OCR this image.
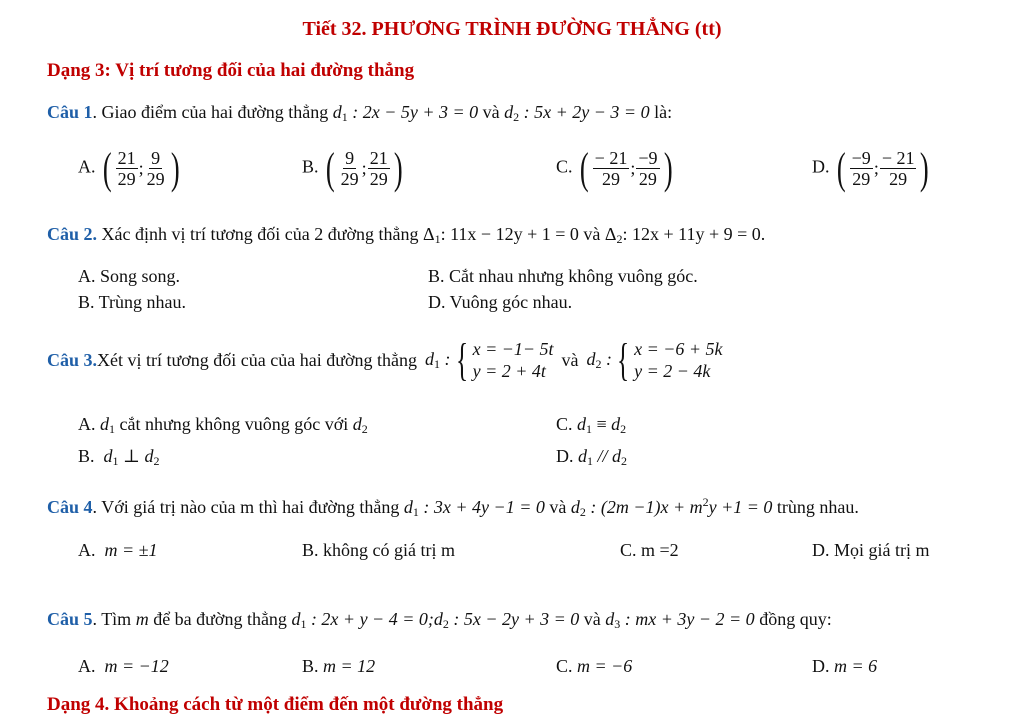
Tiết 32. PHƯƠNG TRÌNH ĐƯỜNG THẲNG (tt)
Dạng 3: Vị trí tương đối của hai đường thẳng
Câu 1. Giao điểm của hai đường thẳng $d_1$ : 2x − 5y + 3 = 0 và $d_2$ : 5x + 2y − 3 = 0 là:
A. ( $\frac{21}{29}$ ; $\frac{9}{29}$ )	B. ( $\frac{9}{29}$ ; $\frac{21}{29}$ )	C. ( $\frac{- 21}{29}$ ; $\frac{-9}{29}$ )	D. ( $\frac{-9}{29}$ ; $\frac{- 21}{29}$ )
Câu 2. Xác định vị trí tương đối của 2 đường thẳng $\Delta_1$: 11x − 12y + 1 = 0 và $\Delta_2$: 12x + 11y + 9 = 0.
A. Song song.	B. Cắt nhau nhưng không vuông góc.
B. Trùng nhau.	D. Vuông góc nhau.
Câu 3. Xét vị trí tương đối của của hai đường thẳng $d_1$ : { x = −1− 5t
y = 2 + 4t
và $d_2$ : { x = −6 + 5k
y = 2 − 4k
A. $d_1$ cắt nhưng không vuông góc với $d_2$	C. $d_1 \equiv d_2$
B. $d_1$ ⊥ $d_2$	D. $d_1 // d_2$
Câu 4. Với giá trị nào của m thì hai đường thẳng $d_1$ : 3x + 4y −1 = 0 và $d_2$ : $(2m -1)x + m^2y +1 = 0$ trùng nhau.
A. m = ±1	B. không có giá trị m	C. m =2	D. Mọi giá trị m
Câu 5. Tìm m để ba đường thẳng $d_1$ : $2x + y - 4 = 0;d_2$ : 5x − 2y + 3 = 0 và $d_3$ : mx + 3y − 2 = 0 đồng quy:
A. m = −12	B. m = 12	C. m = −6	D. m = 6
Dạng 4. Khoảng cách từ một điểm đến một đường thẳng
